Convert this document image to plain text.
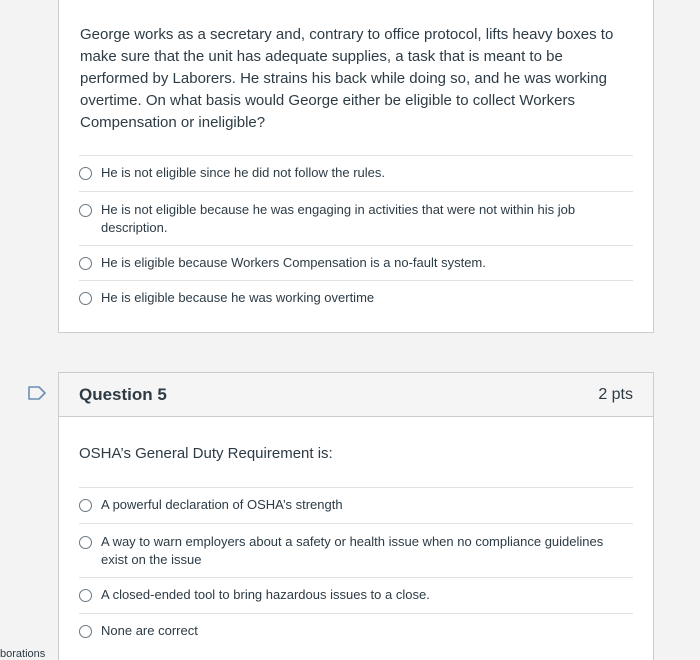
George works as a secretary and, contrary to office protocol, lifts heavy boxes to make sure that the unit has adequate supplies, a task that is meant to be performed by Laborers. He strains his back while doing so, and he was working overtime. On what basis would George either be eligible to collect Workers Compensation or ineligible?
He is not eligible since he did not follow the rules.
He is not eligible because he was engaging in activities that were not within his job description.
He is eligible because Workers Compensation is a no-fault system.
He is eligible because he was working overtime
Question 5	2 pts
OSHA’s General Duty Requirement is:
A powerful declaration of OSHA’s strength
A way to warn employers about a safety or health issue when no compliance guidelines exist on the issue
A closed-ended tool to bring hazardous issues to a close.
None are correct
borations
